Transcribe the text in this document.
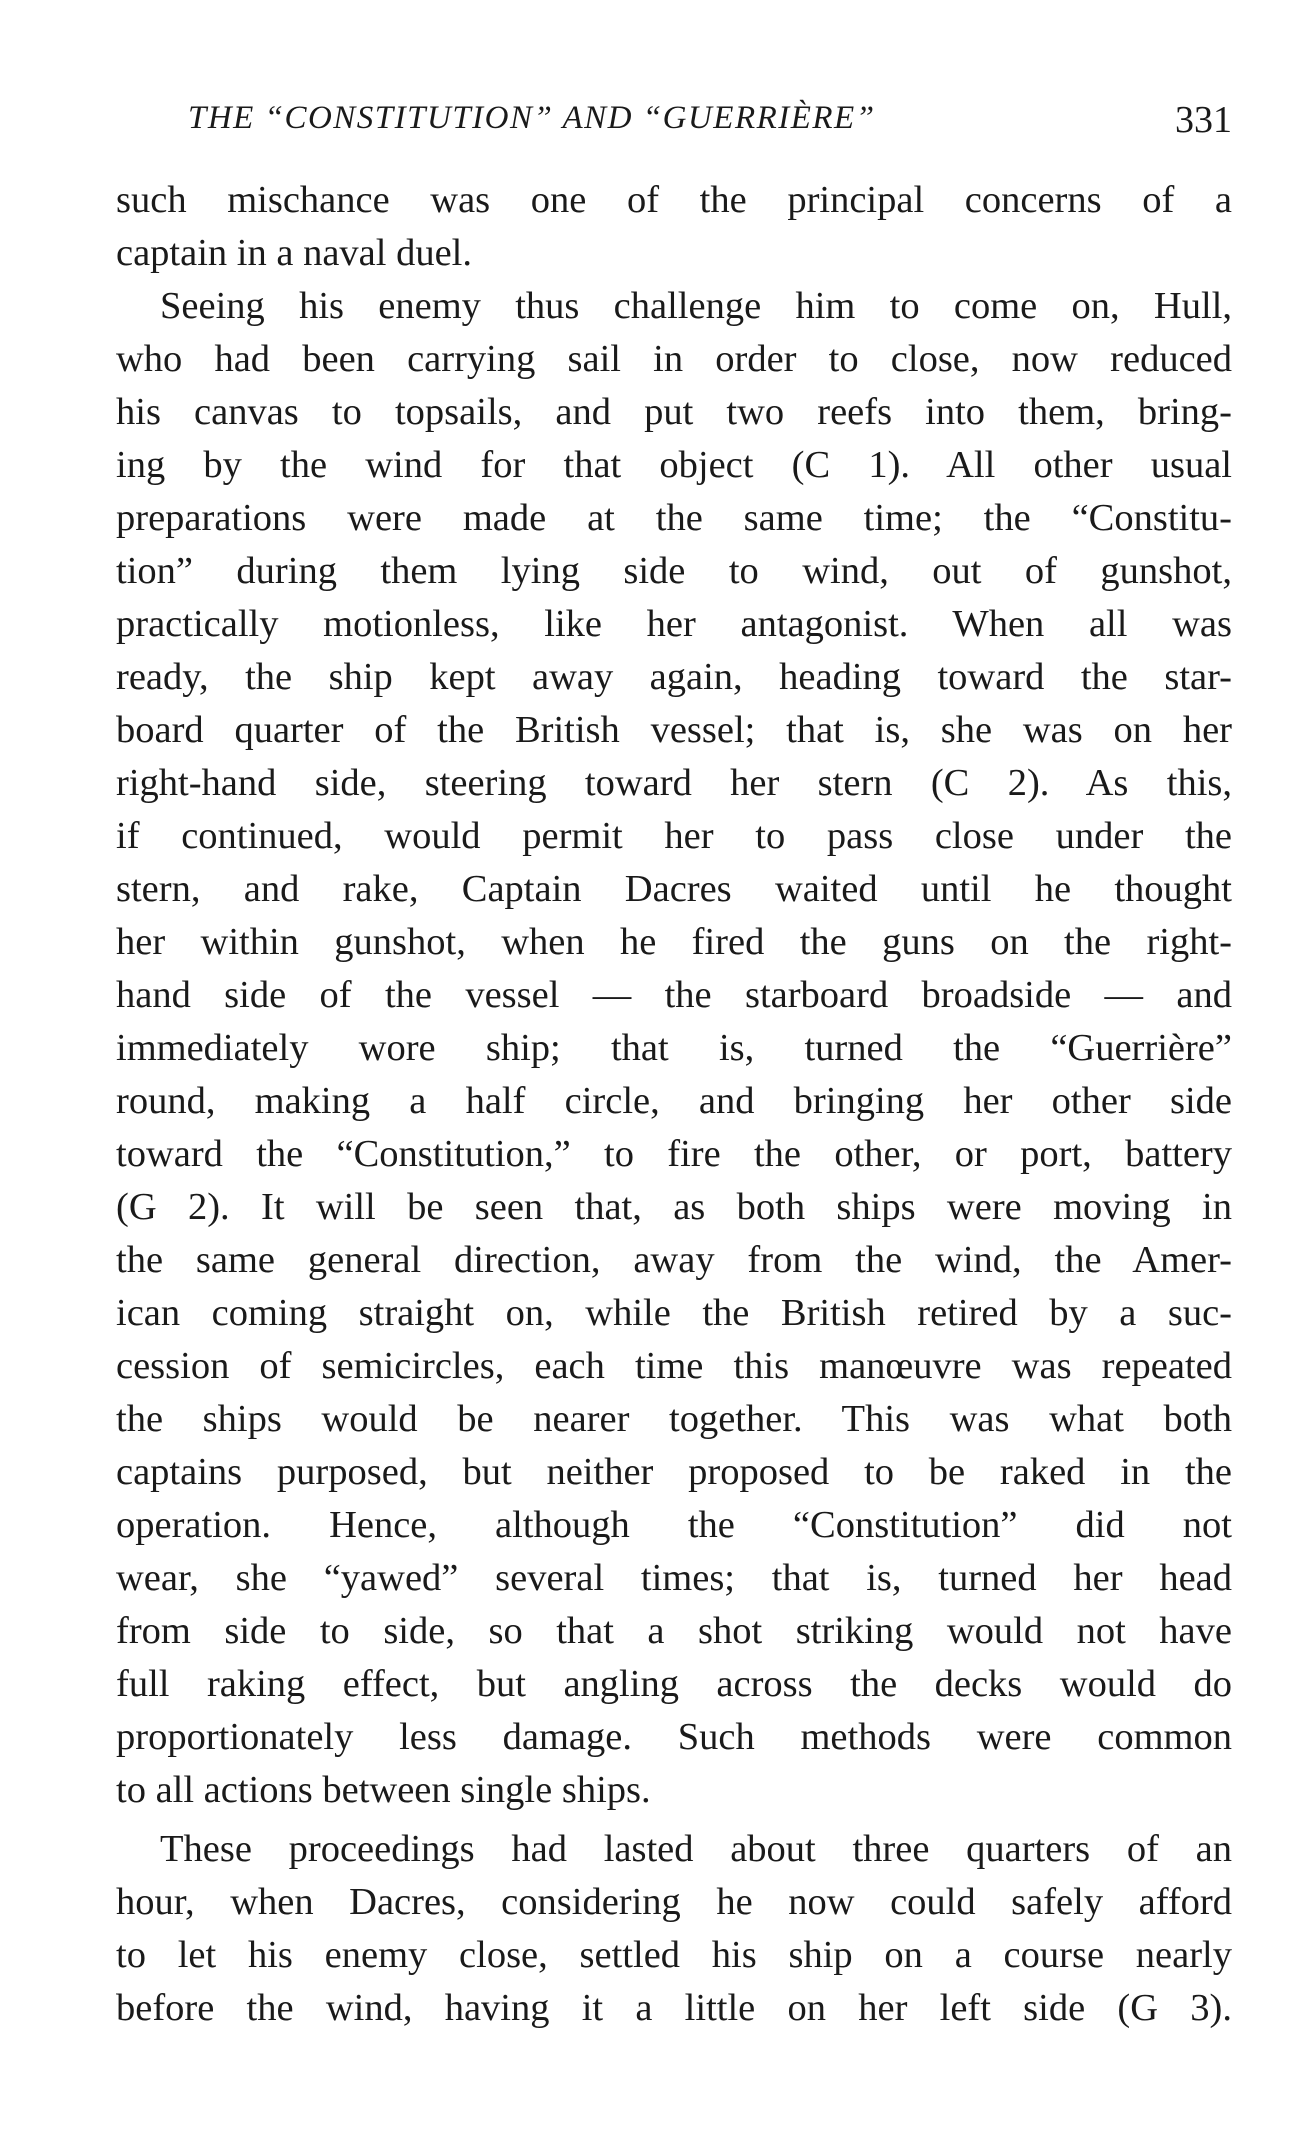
THE “CONSTITUTION” AND “GUERRIÈRE”	331

such mischance was one of the principal concerns of a
captain in a naval duel.

Seeing his enemy thus challenge him to come on, Hull,
who had been carrying sail in order to close, now reduced
his canvas to topsails, and put two reefs into them, bring-
ing by the wind for that object (C 1). All other usual
preparations were made at the same time; the “Constitu-
tion” during them lying side to wind, out of gunshot,
practically motionless, like her antagonist. When all was
ready, the ship kept away again, heading toward the star-
board quarter of the British vessel; that is, she was on her
right-hand side, steering toward her stern (C 2). As this,
if continued, would permit her to pass close under the
stern, and rake, Captain Dacres waited until he thought
her within gunshot, when he fired the guns on the right-
hand side of the vessel — the starboard broadside — and
immediately wore ship; that is, turned the “Guerrière”
round, making a half circle, and bringing her other side
toward the “Constitution,” to fire the other, or port, battery
(G 2). It will be seen that, as both ships were moving in
the same general direction, away from the wind, the Amer-
ican coming straight on, while the British retired by a suc-
cession of semicircles, each time this manœuvre was repeated
the ships would be nearer together. This was what both
captains purposed, but neither proposed to be raked in the
operation. Hence, although the “Constitution” did not
wear, she “yawed” several times; that is, turned her head
from side to side, so that a shot striking would not have
full raking effect, but angling across the decks would do
proportionately less damage. Such methods were common
to all actions between single ships.

These proceedings had lasted about three quarters of an
hour, when Dacres, considering he now could safely afford
to let his enemy close, settled his ship on a course nearly
before the wind, having it a little on her left side (G 3).
